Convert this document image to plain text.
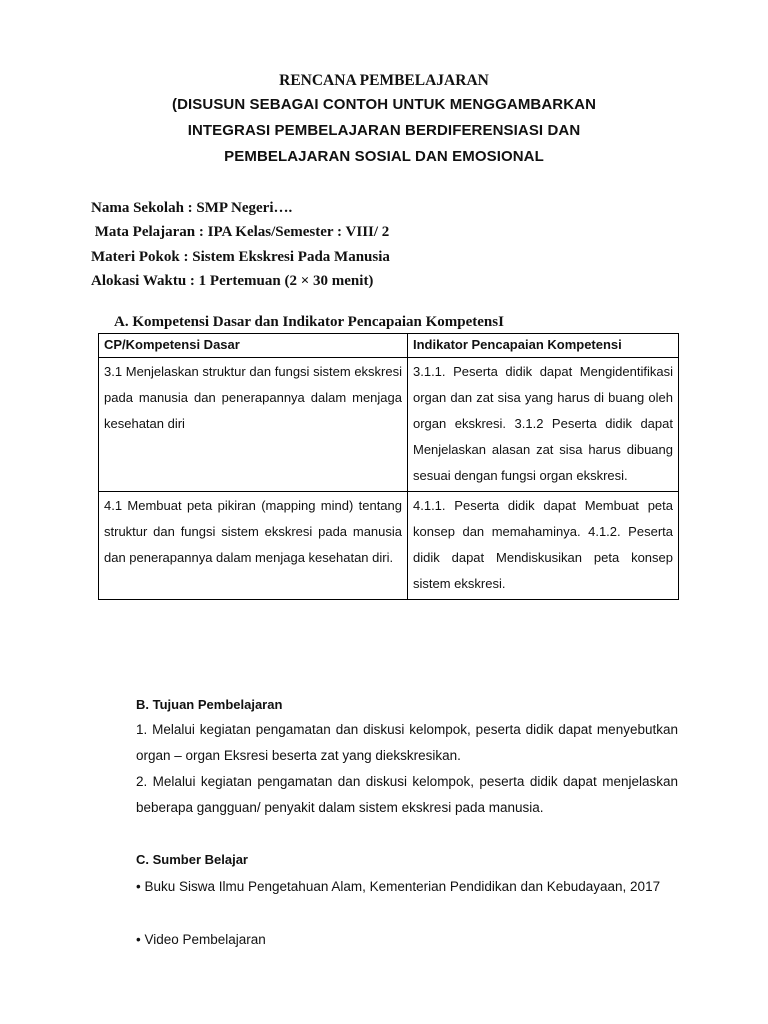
RENCANA PEMBELAJARAN
(DISUSUN SEBAGAI CONTOH UNTUK MENGGAMBARKAN
INTEGRASI PEMBELAJARAN BERDIFERENSIASI DAN
PEMBELAJARAN SOSIAL DAN EMOSIONAL
Nama Sekolah : SMP Negeri….
Mata Pelajaran : IPA Kelas/Semester : VIII/ 2
Materi Pokok : Sistem Ekskresi Pada Manusia
Alokasi Waktu : 1 Pertemuan (2 × 30 menit)
A. Kompetensi Dasar dan Indikator Pencapaian KompetensI
CP/Kompetensi Dasar	Indikator Pencapaian Kompetensi
3.1 Menjelaskan struktur dan fungsi sistem ekskresi pada manusia dan penerapannya dalam menjaga kesehatan diri	3.1.1. Peserta didik dapat Mengidentifikasi organ dan zat sisa yang harus di buang oleh organ ekskresi. 3.1.2 Peserta didik dapat Menjelaskan alasan zat sisa harus dibuang sesuai dengan fungsi organ ekskresi.
4.1 Membuat peta pikiran (mapping mind) tentang struktur dan fungsi sistem ekskresi pada manusia dan penerapannya dalam menjaga kesehatan diri.	4.1.1. Peserta didik dapat Membuat peta konsep dan memahaminya. 4.1.2. Peserta didik dapat Mendiskusikan peta konsep sistem ekskresi.
B. Tujuan Pembelajaran
1. Melalui kegiatan pengamatan dan diskusi kelompok, peserta didik dapat menyebutkan organ – organ Eksresi beserta zat yang diekskresikan.
2. Melalui kegiatan pengamatan dan diskusi kelompok, peserta didik dapat menjelaskan beberapa gangguan/ penyakit dalam sistem ekskresi pada manusia.
C. Sumber Belajar
• Buku Siswa Ilmu Pengetahuan Alam, Kementerian Pendidikan dan Kebudayaan, 2017
• Video Pembelajaran
